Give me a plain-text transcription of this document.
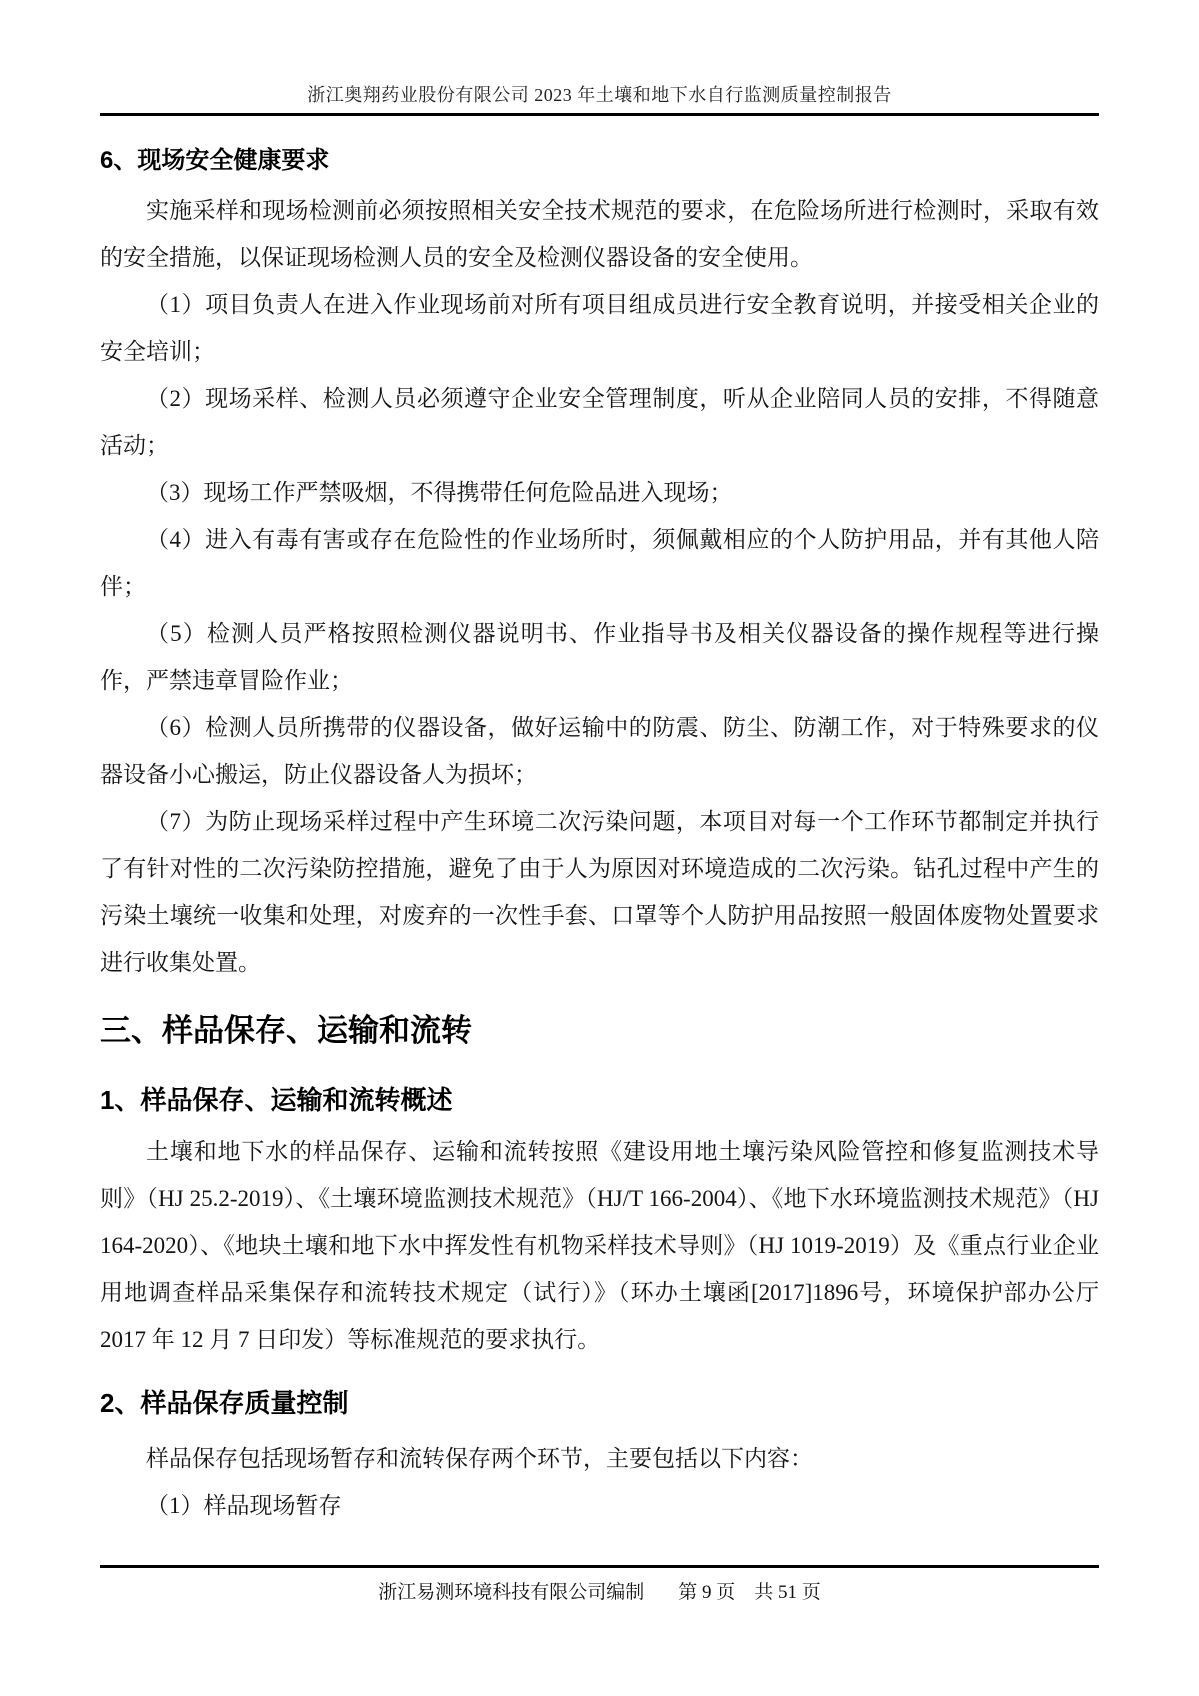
浙江奥翔药业股份有限公司 2023 年土壤和地下水自行监测质量控制报告
6、现场安全健康要求

实施采样和现场检测前必须按照相关安全技术规范的要求，在危险场所进行检测时，采取有效的安全措施，以保证现场检测人员的安全及检测仪器设备的安全使用。

（1）项目负责人在进入作业现场前对所有项目组成员进行安全教育说明，并接受相关企业的安全培训；

（2）现场采样、检测人员必须遵守企业安全管理制度，听从企业陪同人员的安排，不得随意活动；

（3）现场工作严禁吸烟，不得携带任何危险品进入现场；

（4）进入有毒有害或存在危险性的作业场所时，须佩戴相应的个人防护用品，并有其他人陪伴；

（5）检测人员严格按照检测仪器说明书、作业指导书及相关仪器设备的操作规程等进行操作，严禁违章冒险作业；

（6）检测人员所携带的仪器设备，做好运输中的防震、防尘、防潮工作，对于特殊要求的仪器设备小心搬运，防止仪器设备人为损坏；

（7）为防止现场采样过程中产生环境二次污染问题，本项目对每一个工作环节都制定并执行了有针对性的二次污染防控措施，避免了由于人为原因对环境造成的二次污染。钻孔过程中产生的污染土壤统一收集和处理，对废弃的一次性手套、口罩等个人防护用品按照一般固体废物处置要求进行收集处置。

三、样品保存、运输和流转
1、样品保存、运输和流转概述

土壤和地下水的样品保存、运输和流转按照《建设用地土壤污染风险管控和修复监测技术导则》（HJ 25.2-2019）、《土壤环境监测技术规范》（HJ/T 166-2004）、《地下水环境监测技术规范》（HJ 164-2020）、《地块土壤和地下水中挥发性有机物采样技术导则》（HJ 1019-2019）及《重点行业企业用地调查样品采集保存和流转技术规定（试行）》（环办土壤函[2017]1896号，环境保护部办公厅 2017 年 12 月 7 日印发）等标准规范的要求执行。

2、样品保存质量控制

样品保存包括现场暂存和流转保存两个环节，主要包括以下内容：

（1）样品现场暂存

浙江易测环境科技有限公司编制 第 9 页　共 51 页
